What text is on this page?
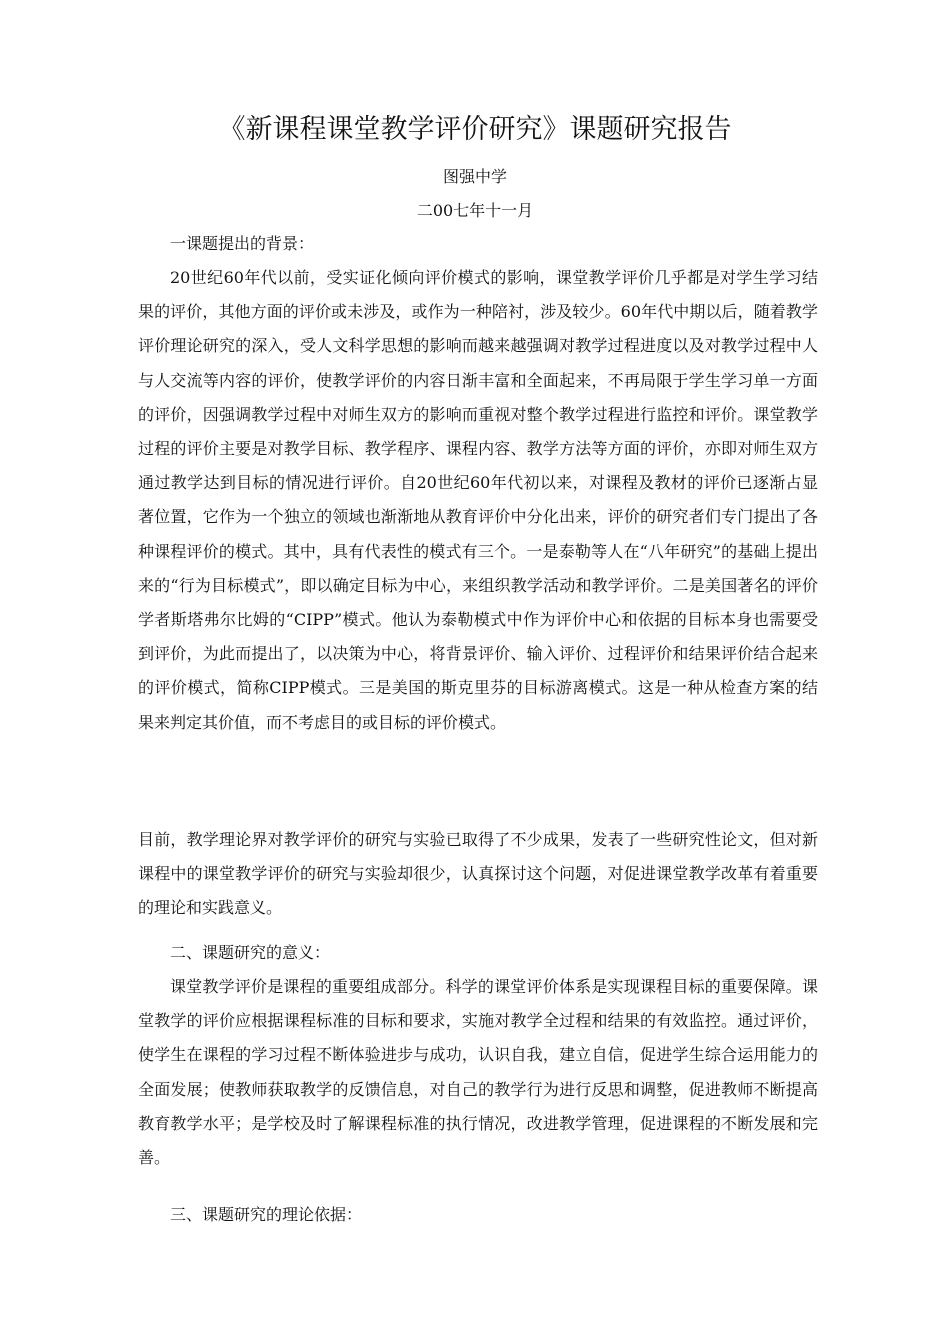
《新课程课堂教学评价研究》课题研究报告

图强中学

二00七年十一月

一课题提出的背景：

20世纪60年代以前，受实证化倾向评价模式的影响，课堂教学评价几乎都是对学生学习结果的评价，其他方面的评价或未涉及，或作为一种陪衬，涉及较少。60年代中期以后，随着教学评价理论研究的深入，受人文科学思想的影响而越来越强调对教学过程进度以及对教学过程中人与人交流等内容的评价，使教学评价的内容日渐丰富和全面起来，不再局限于学生学习单一方面的评价，因强调教学过程中对师生双方的影响而重视对整个教学过程进行监控和评价。课堂教学过程的评价主要是对教学目标、教学程序、课程内容、教学方法等方面的评价，亦即对师生双方通过教学达到目标的情况进行评价。自20世纪60年代初以来，对课程及教材的评价已逐渐占显著位置，它作为一个独立的领域也渐渐地从教育评价中分化出来，评价的研究者们专门提出了各种课程评价的模式。其中，具有代表性的模式有三个。一是泰勒等人在“八年研究”的基础上提出来的“行为目标模式”，即以确定目标为中心，来组织教学活动和教学评价。二是美国著名的评价学者斯塔弗尔比姆的“CIPP”模式。他认为泰勒模式中作为评价中心和依据的目标本身也需要受到评价，为此而提出了，以决策为中心，将背景评价、输入评价、过程评价和结果评价结合起来的评价模式，简称CIPP模式。三是美国的斯克里芬的目标游离模式。这是一种从检查方案的结果来判定其价值，而不考虑目的或目标的评价模式。

目前，教学理论界对教学评价的研究与实验已取得了不少成果，发表了一些研究性论文，但对新课程中的课堂教学评价的研究与实验却很少，认真探讨这个问题，对促进课堂教学改革有着重要的理论和实践意义。

二、课题研究的意义：

课堂教学评价是课程的重要组成部分。科学的课堂评价体系是实现课程目标的重要保障。课堂教学的评价应根据课程标准的目标和要求，实施对教学全过程和结果的有效监控。通过评价，使学生在课程的学习过程不断体验进步与成功，认识自我，建立自信，促进学生综合运用能力的全面发展；使教师获取教学的反馈信息，对自己的教学行为进行反思和调整，促进教师不断提高教育教学水平；是学校及时了解课程标准的执行情况，改进教学管理，促进课程的不断发展和完善。

三、课题研究的理论依据：
